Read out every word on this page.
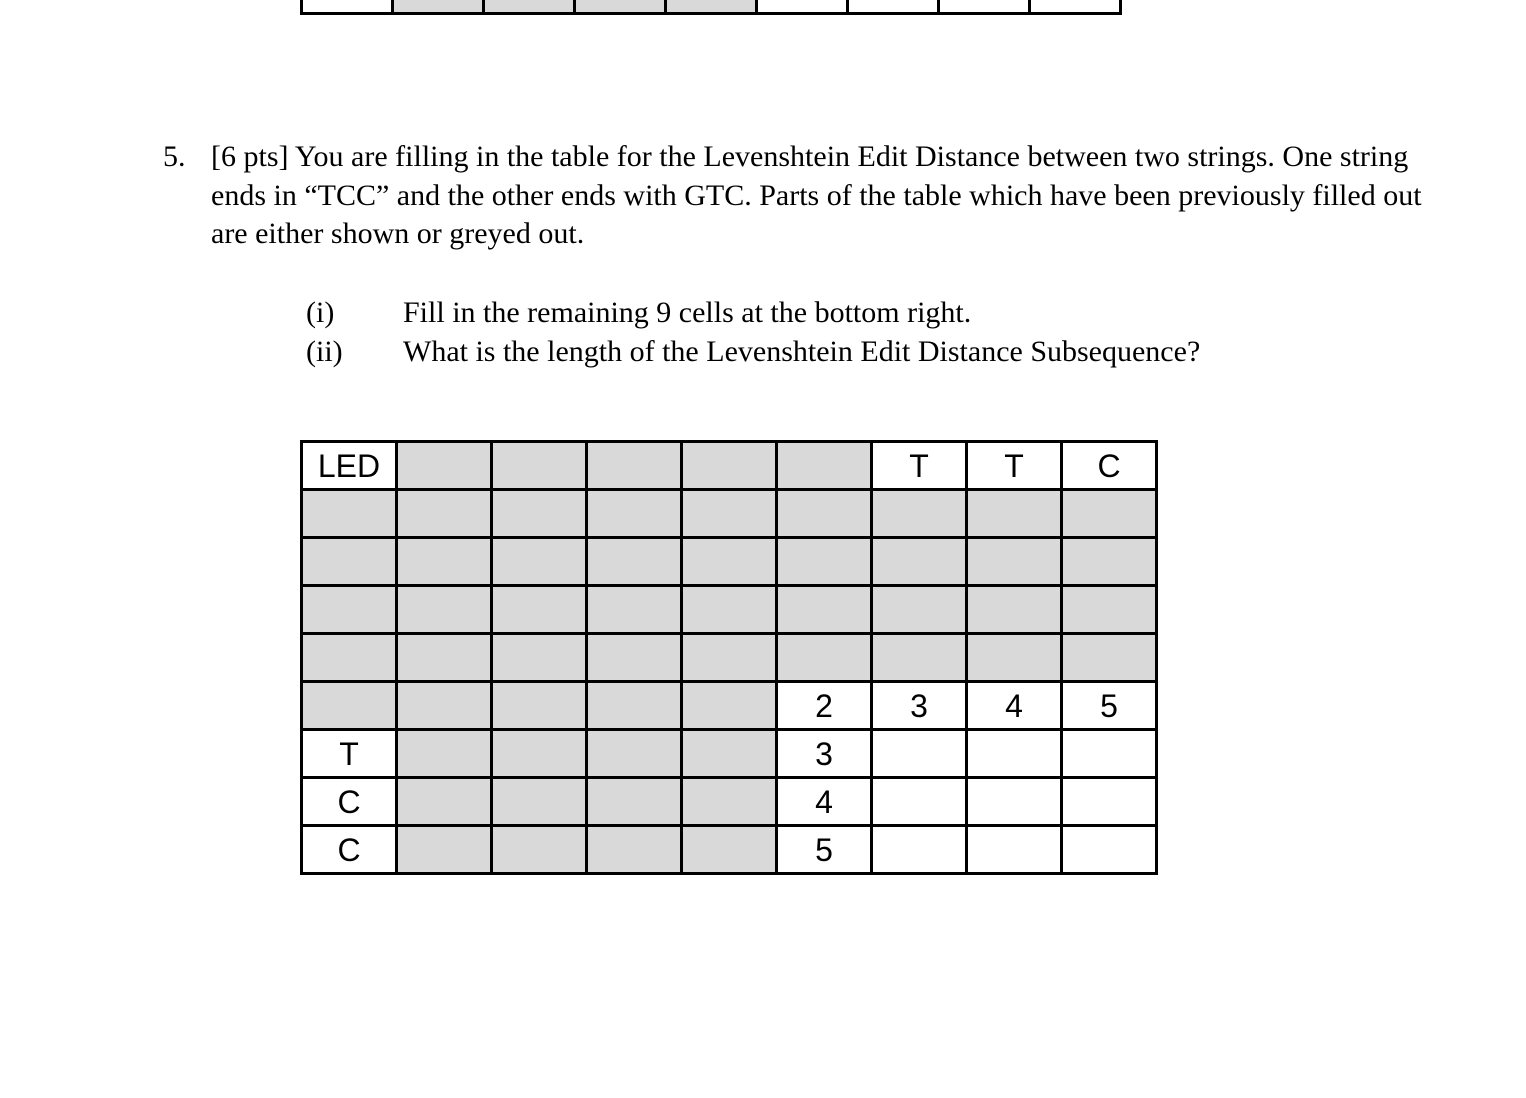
5. [6 pts] You are filling in the table for the Levenshtein Edit Distance between two strings. One string ends in “TCC” and the other ends with GTC. Parts of the table which have been previously filled out are either shown or greyed out.
(i)	Fill in the remaining 9 cells at the bottom right.
(ii)	What is the length of the Levenshtein Edit Distance Subsequence?
LED						T	T	C

					2	3	4	5
T					3			
C					4			
C					5			
